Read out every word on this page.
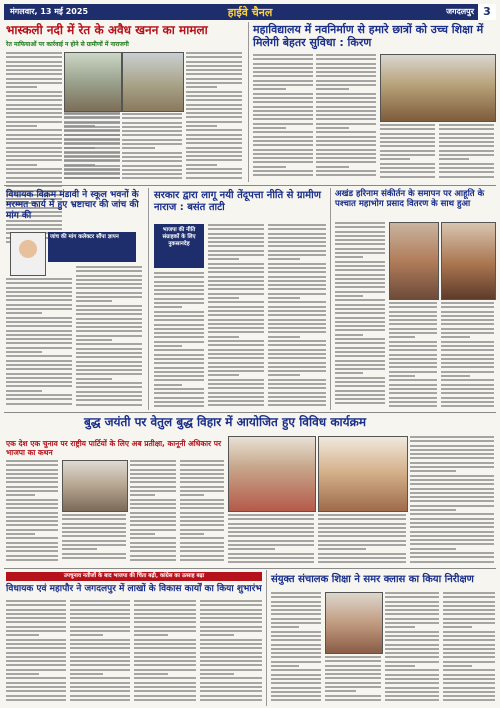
मंगलवार, 13 मई 2025	हाईवे चैनल	जगदलपुर 3
भास्कली नदी में रेत के अवैध खनन का मामला
रेत माफियाओं पर कार्रवाई न होने से ग्रामीणों में नाराजगी
महाविद्यालय में नवनिर्माण से हमारे छात्रों को उच्च शिक्षा में मिलेगी बेहतर सुविधा : किरण
विधायक विक्रम मंडावी ने स्कूल भवनों के मरम्मत कार्य में हुए भ्रष्टाचार की जांच की मांग की
जांच की मांग कलेक्टर सौंपा ज्ञापन
सरकार द्वारा लागू नयी तेंदूपत्ता नीति से ग्रामीण नाराज : बसंत ताटी
भाजपा की नीति संग्राहकों के लिए नुकसानदेह
अखंड हरिनाम संकीर्तन के समापन पर आहूति के पश्चात महाभोग प्रसाद वितरण के साथ हुआ
बुद्ध जयंती पर वेतुल बुद्ध विहार में आयोजित हुए विविध कार्यक्रम
एक देश एक चुनाव पर राष्ट्रीय पार्टियों के लिए अब प्रतीक्षा, कानूनी अधिकार पर भाजपा का कथन
उपचुनाव नतीजों के बाद भाजपा की चिंता बढ़ी, कांग्रेस का उत्साह बढ़ा
विधायक एवं महापौर ने जगदलपुर में लाखों के विकास कार्यों का किया शुभारंभ
संयुक्त संचालक शिक्षा ने समर क्लास का किया निरीक्षण
